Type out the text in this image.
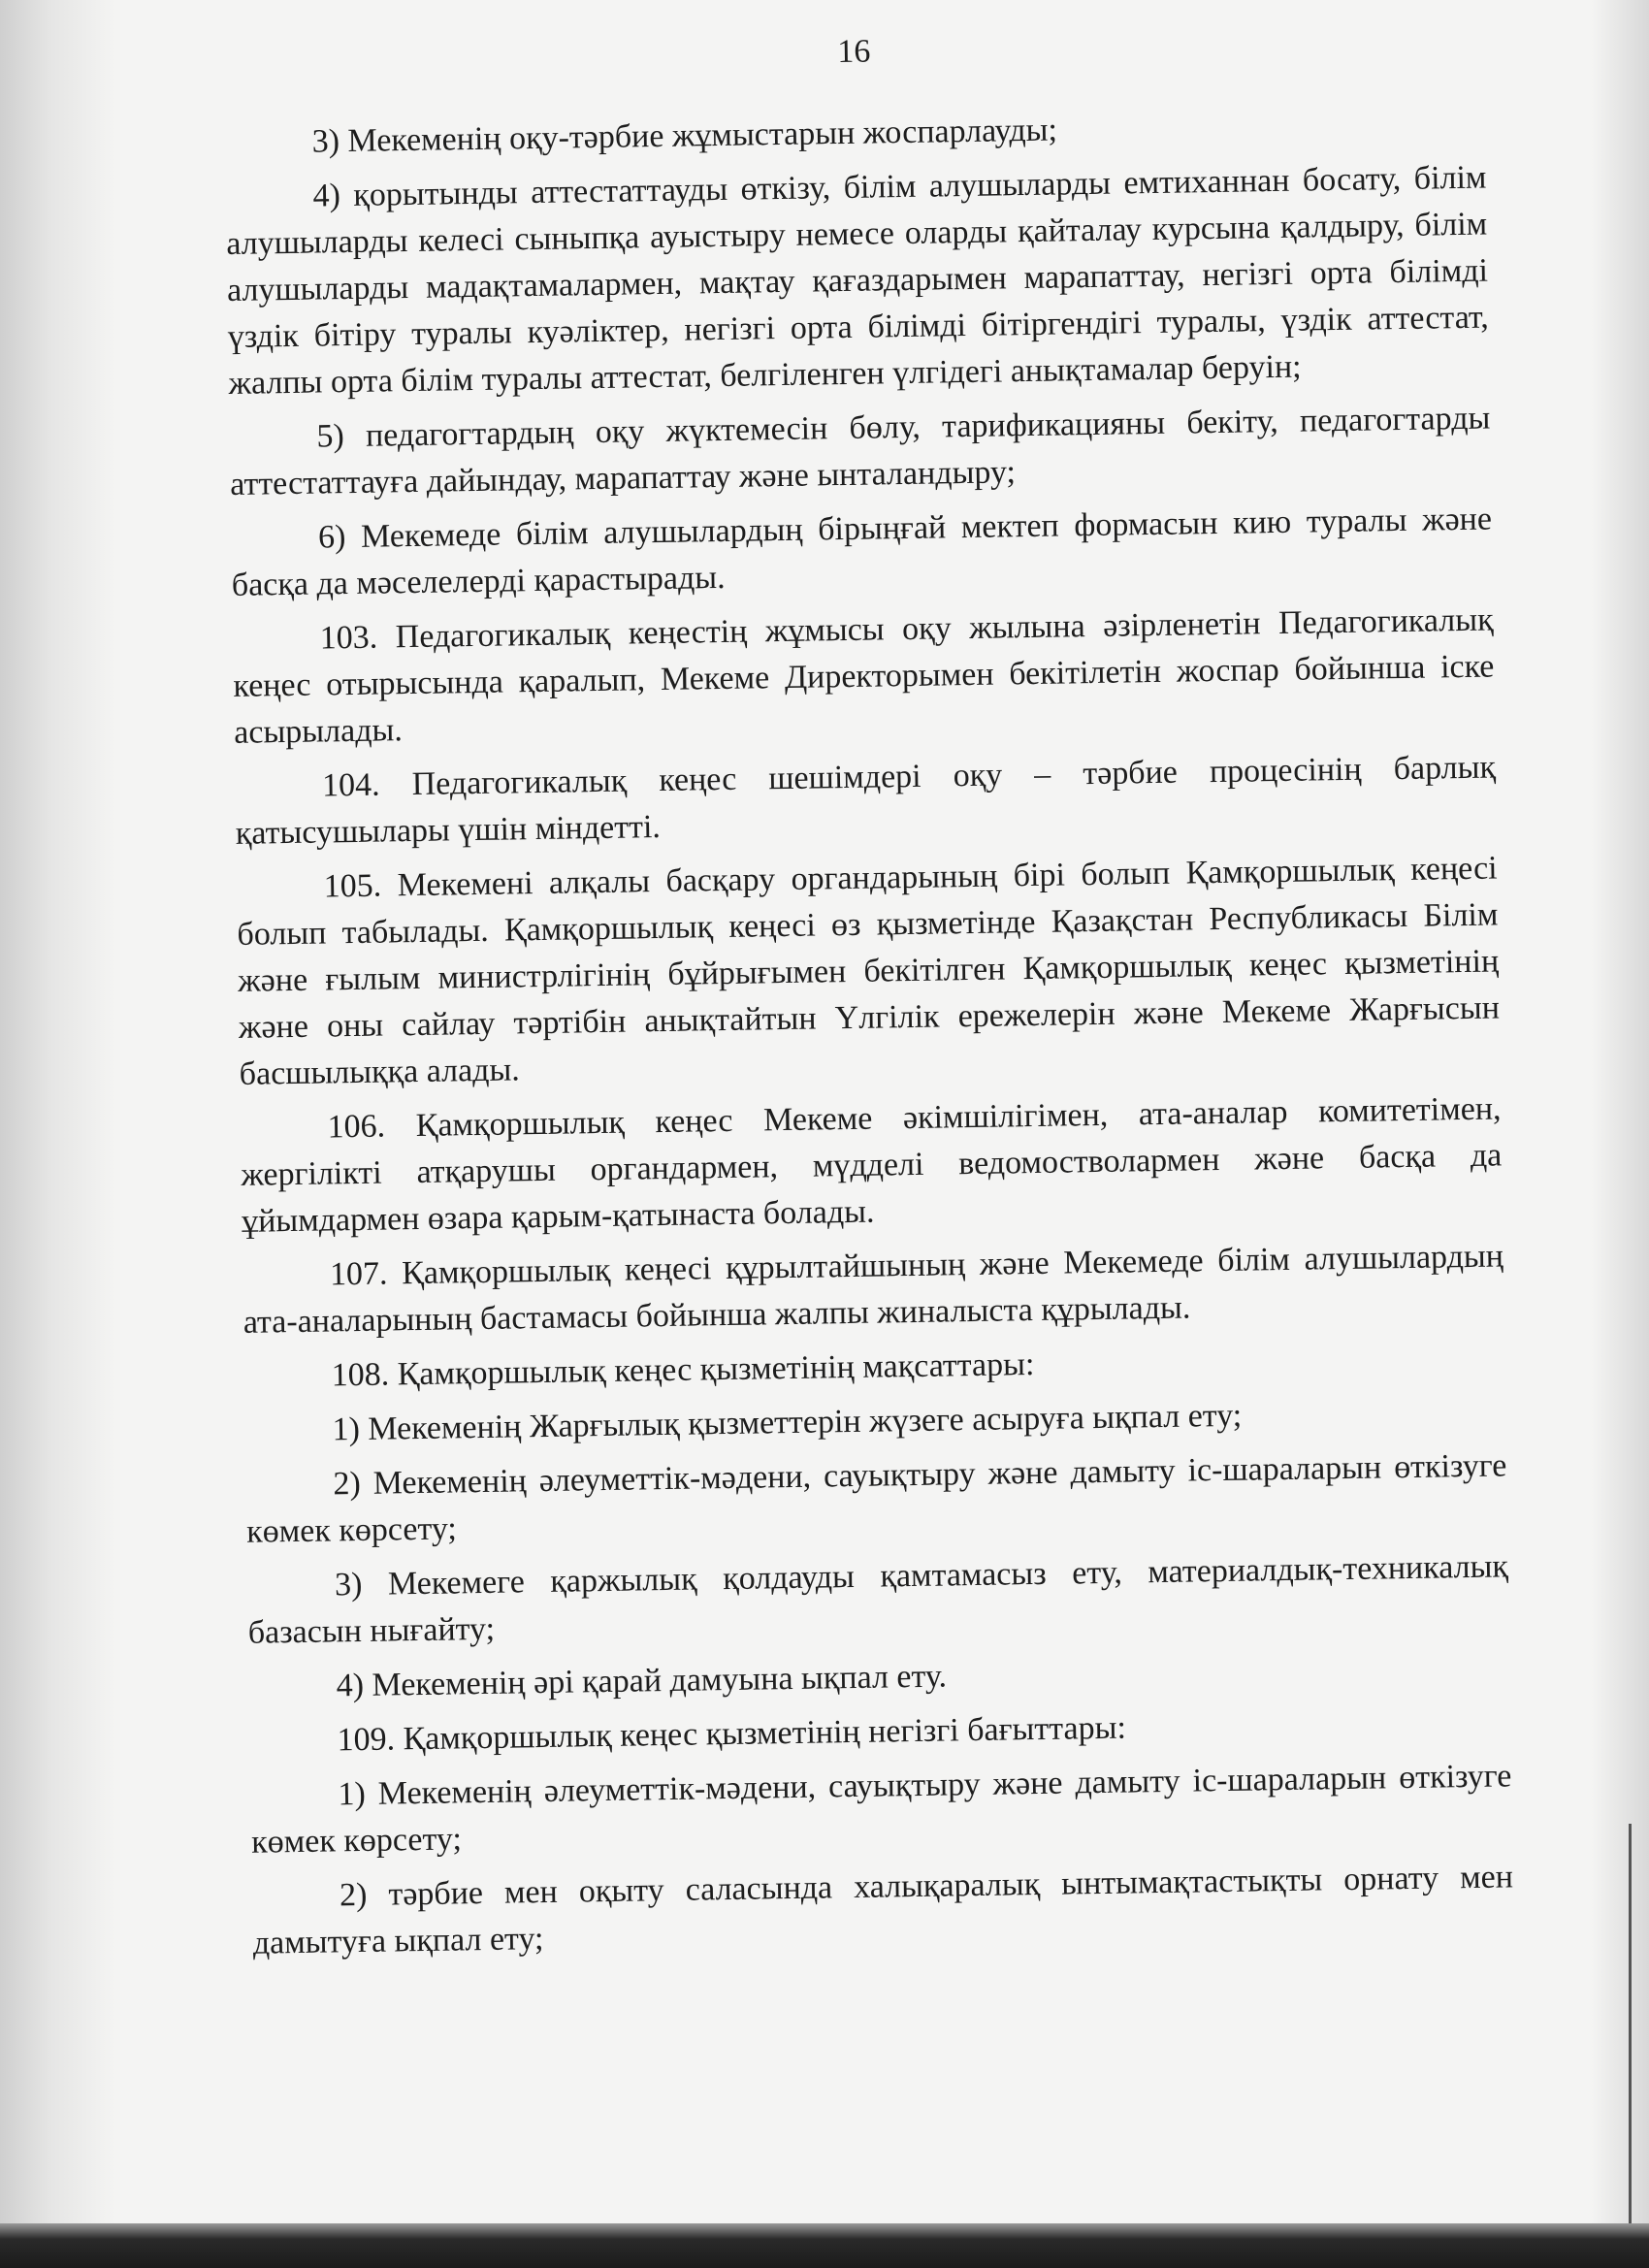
16

3) Мекеменің оқу-тәрбие жұмыстарын жоспарлауды;

4) қорытынды аттестаттауды өткізу, білім алушыларды емтиханнан босату, білім алушыларды келесі сыныпқа ауыстыру немесе оларды қайталау курсына қалдыру, білім алушыларды мадақтамалармен, мақтау қағаздарымен марапаттау, негізгі орта білімді үздік бітіру туралы куәліктер, негізгі орта білімді бітіргендігі туралы, үздік аттестат, жалпы орта білім туралы аттестат, белгіленген үлгідегі анықтамалар беруін;

5) педагогтардың оқу жүктемесін бөлу, тарификацияны бекіту, педагогтарды аттестаттауға дайындау, марапаттау және ынталандыру;

6) Мекемеде білім алушылардың бірыңғай мектеп формасын кию туралы және басқа да мәселелерді қарастырады.

103. Педагогикалық кеңестің жұмысы оқу жылына әзірленетін Педагогикалық кеңес отырысында қаралып, Мекеме Директорымен бекітілетін жоспар бойынша іске асырылады.

104. Педагогикалық кеңес шешімдері оқу – тәрбие процесінің барлық қатысушылары үшін міндетті.

105. Мекемені алқалы басқару органдарының бірі болып Қамқоршылық кеңесі болып табылады. Қамқоршылық кеңесі өз қызметінде Қазақстан Республикасы Білім және ғылым министрлігінің бұйрығымен бекітілген Қамқоршылық кеңес қызметінің және оны сайлау тәртібін анықтайтын Үлгілік ережелерін және Мекеме Жарғысын басшылыққа алады.

106. Қамқоршылық кеңес Мекеме әкімшілігімен, ата-аналар комитетімен, жергілікті атқарушы органдармен, мүдделі ведомостволармен және басқа да ұйымдармен өзара қарым-қатынаста болады.

107. Қамқоршылық кеңесі құрылтайшының және Мекемеде білім алушылардың ата-аналарының бастамасы бойынша жалпы жиналыста құрылады.

108. Қамқоршылық кеңес қызметінің мақсаттары:

1) Мекеменің Жарғылық қызметтерін жүзеге асыруға ықпал ету;

2) Мекеменің әлеуметтік-мәдени, сауықтыру және дамыту іс-шараларын өткізуге көмек көрсету;

3) Мекемеге қаржылық қолдауды қамтамасыз ету, материалдық-техникалық базасын нығайту;

4) Мекеменің әрі қарай дамуына ықпал ету.

109. Қамқоршылық кеңес қызметінің негізгі бағыттары:

1) Мекеменің әлеуметтік-мәдени, сауықтыру және дамыту іс-шараларын өткізуге көмек көрсету;

2) тәрбие мен оқыту саласында халықаралық ынтымақтастықты орнату мен дамытуға ықпал ету;
